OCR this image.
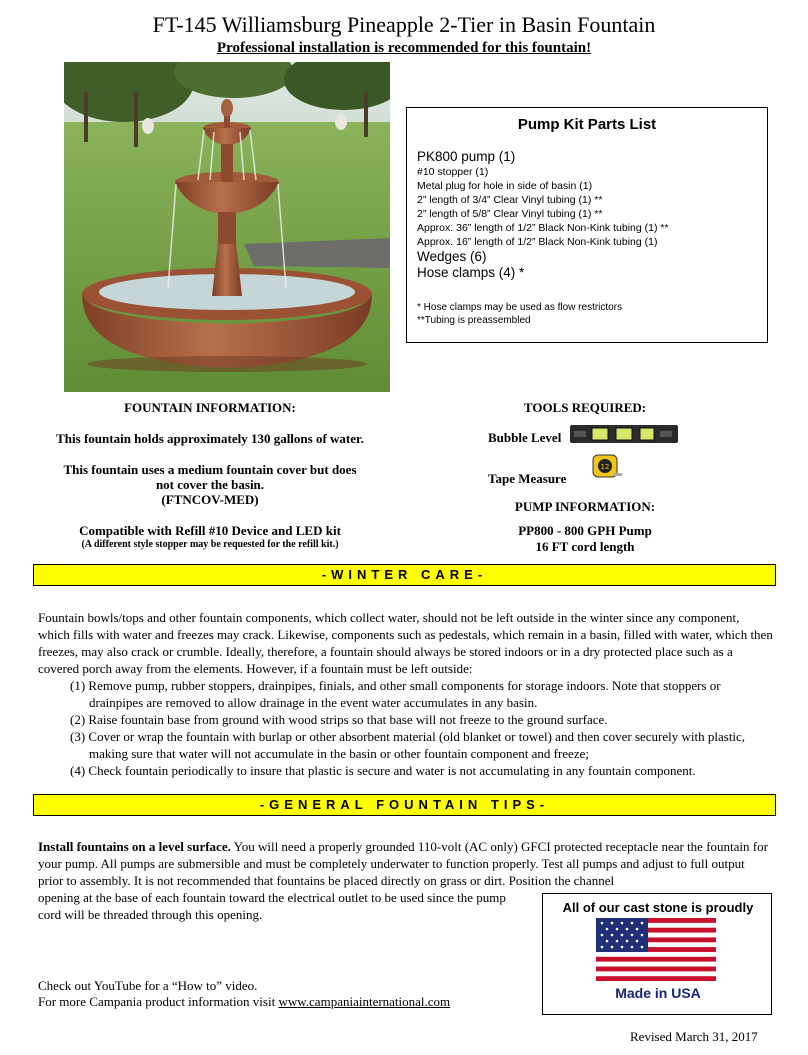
FT-145 Williamsburg Pineapple 2-Tier in Basin Fountain
Professional installation is recommended for this fountain!
Pump Kit Parts List
PK800 pump (1)
#10 stopper (1)
Metal plug for hole in side of basin (1)
2” length of 3/4” Clear Vinyl tubing (1) **
2” length of 5/8” Clear Vinyl tubing (1) **
Approx. 36” length of 1/2” Black Non-Kink tubing (1) **
Approx. 16” length of 1/2” Black Non-Kink tubing (1)
Wedges (6)
Hose clamps (4) *
* Hose clamps may be used as flow restrictors
**Tubing is preassembled
FOUNTAIN INFORMATION:
This fountain holds approximately 130 gallons of water.
This fountain uses a medium fountain cover but does
not cover the basin.
(FTNCOV-MED)
Compatible with Refill #10 Device and LED kit
(A different style stopper may be requested for the refill kit.)
TOOLS REQUIRED:
Bubble Level
Tape Measure
12
PUMP INFORMATION:
PP800 - 800 GPH Pump
16 FT cord length
-WINTER CARE-
Fountain bowls/tops and other fountain components, which collect water, should not be left outside in the winter since any component, which fills with water and freezes may crack. Likewise, components such as pedestals, which remain in a basin, filled with water, which then freezes, may also crack or crumble. Ideally, therefore, a fountain should always be stored indoors or in a dry protected place such as a covered porch away from the elements. However, if a fountain must be left outside:
(1) Remove pump, rubber stoppers, drainpipes, finials, and other small components for storage indoors. Note that stoppers or drainpipes are removed to allow drainage in the event water accumulates in any basin.
(2) Raise fountain base from ground with wood strips so that base will not freeze to the ground surface.
(3) Cover or wrap the fountain with burlap or other absorbent material (old blanket or towel) and then cover securely with plastic, making sure that water will not accumulate in the basin or other fountain component and freeze;
(4) Check fountain periodically to insure that plastic is secure and water is not accumulating in any fountain component.
-GENERAL FOUNTAIN TIPS-
Install fountains on a level surface. You will need a properly grounded 110-volt (AC only) GFCI protected receptacle near the fountain for your pump. All pumps are submersible and must be completely underwater to function properly. Test all pumps and adjust to full output prior to assembly. It is not recommended that fountains be placed directly on grass or dirt. Position the channel
opening at the base of each fountain toward the electrical outlet to be used since the pump cord will be threaded through this opening.	All of our cast stone is proudly
Made in USA
Check out YouTube for a “How to” video.
For more Campania product information visit www.campaniainternational.com
Revised March 31, 2017
